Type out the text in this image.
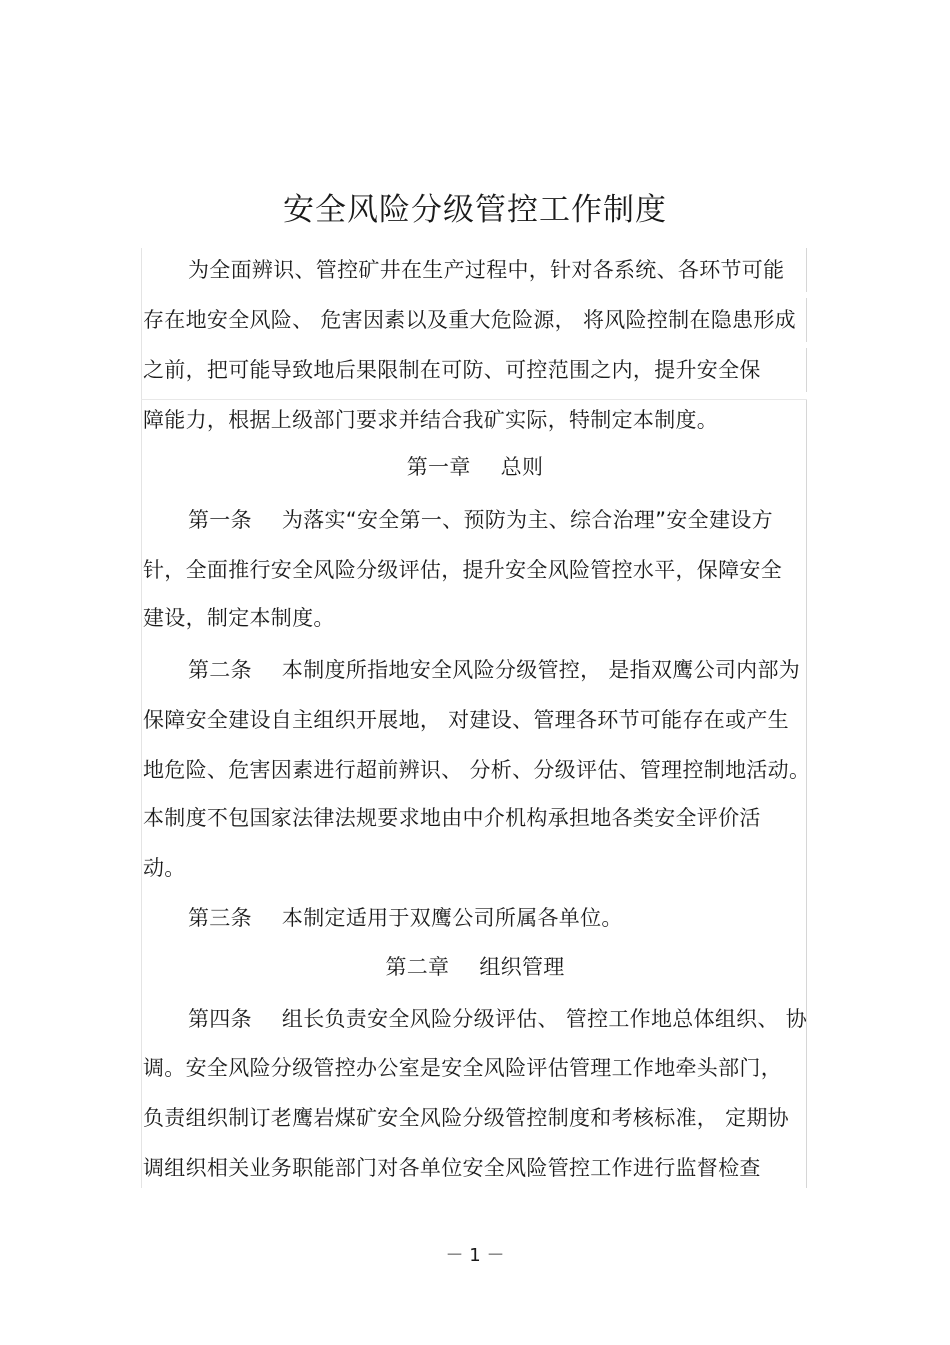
安全风险分级管控工作制度
为全面辨识、管控矿井在生产过程中，针对各系统、各环节可能
存在地安全风险、 危害因素以及重大危险源， 将风险控制在隐患形成
之前，把可能导致地后果限制在可防、可控范围之内，提升安全保
障能力，根据上级部门要求并结合我矿实际，特制定本制度。
第一章 总则
第一条 为落实“安全第一、预防为主、综合治理”安全建设方
针，全面推行安全风险分级评估，提升安全风险管控水平，保障安全
建设，制定本制度。
第二条 本制度所指地安全风险分级管控， 是指双鹰公司内部为
保障安全建设自主组织开展地， 对建设、管理各环节可能存在或产生
地危险、危害因素进行超前辨识、 分析、分级评估、管理控制地活动。
本制度不包国家法律法规要求地由中介机构承担地各类安全评价活
动。
第三条 本制定适用于双鹰公司所属各单位。
第二章 组织管理
第四条 组长负责安全风险分级评估、 管控工作地总体组织、 协
调。安全风险分级管控办公室是安全风险评估管理工作地牵头部门，
负责组织制订老鹰岩煤矿安全风险分级管控制度和考核标准， 定期协
调组织相关业务职能部门对各单位安全风险管控工作进行监督检查
－ 1 －
